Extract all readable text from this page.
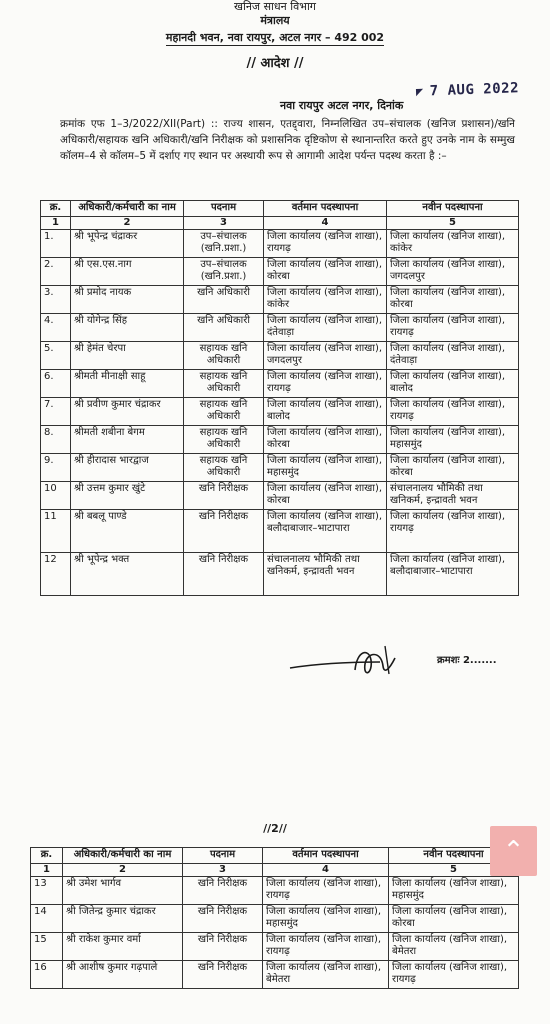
खनिज साधन विभाग
मंत्रालय
महानदी भवन, नवा रायपुर, अटल नगर – 492 002
// आदेश //
◤ 7 AUG 2022
नवा रायपुर अटल नगर, दिनांक
क्रमांक एफ 1–3/2022/XII(Part) :: राज्य शासन, एतद्द्वारा, निम्नलिखित उप–संचालक (खनिज प्रशासन)/खनि अधिकारी/सहायक खनि अधिकारी/खनि निरीक्षक को प्रशासनिक दृष्टिकोण से स्थानान्तरित करते हुए उनके नाम के सम्मुख कॉलम–4 से कॉलम–5 में दर्शाए गए स्थान पर अस्थायी रूप से आगामी आदेश पर्यन्त पदस्थ करता है :–
क्र.	अधिकारी/कर्मचारी का नाम	पदनाम	वर्तमान पदस्थापना	नवीन पदस्थापना
1	2	3	4	5
1.	श्री भूपेन्द्र चंद्राकर	उप–संचालक (खनि.प्रशा.)	जिला कार्यालय (खनिज शाखा), रायगढ़	जिला कार्यालय (खनिज शाखा), कांकेर
2.	श्री एस.एस.नाग	उप–संचालक (खनि.प्रशा.)	जिला कार्यालय (खनिज शाखा), कोरबा	जिला कार्यालय (खनिज शाखा), जगदलपुर
3.	श्री प्रमोद नायक	खनि अधिकारी	जिला कार्यालय (खनिज शाखा), कांकेर	जिला कार्यालय (खनिज शाखा), कोरबा
4.	श्री योगेन्द्र सिंह	खनि अधिकारी	जिला कार्यालय (खनिज शाखा), दंतेवाड़ा	जिला कार्यालय (खनिज शाखा), रायगढ़
5.	श्री हेमंत चेरपा	सहायक खनि अधिकारी	जिला कार्यालय (खनिज शाखा), जगदलपुर	जिला कार्यालय (खनिज शाखा), दंतेवाड़ा
6.	श्रीमती मीनाक्षी साहू	सहायक खनि अधिकारी	जिला कार्यालय (खनिज शाखा), रायगढ़	जिला कार्यालय (खनिज शाखा), बालोद
7.	श्री प्रवीण कुमार चंद्राकर	सहायक खनि अधिकारी	जिला कार्यालय (खनिज शाखा), बालोद	जिला कार्यालय (खनिज शाखा), रायगढ़
8.	श्रीमती शबीना बेगम	सहायक खनि अधिकारी	जिला कार्यालय (खनिज शाखा), कोरबा	जिला कार्यालय (खनिज शाखा), महासमुंद
9.	श्री हीरादास भारद्वाज	सहायक खनि अधिकारी	जिला कार्यालय (खनिज शाखा), महासमुंद	जिला कार्यालय (खनिज शाखा), कोरबा
10	श्री उत्तम कुमार खुंटे	खनि निरीक्षक	जिला कार्यालय (खनिज शाखा), कोरबा	संचालनालय भौमिकी तथा खनिकर्म, इन्द्रावती भवन
11	श्री बबलू पाण्डे	खनि निरीक्षक	जिला कार्यालय (खनिज शाखा), बलौदाबाजार–भाटापारा	जिला कार्यालय (खनिज शाखा), रायगढ़
12	श्री भूपेन्द्र भक्त	खनि निरीक्षक	संचालनालय भौमिकी तथा खनिकर्म, इन्द्रावती भवन	जिला कार्यालय (खनिज शाखा), बलौदाबाजार–भाटापारा
क्रमशः 2.......
//2//
क्र.	अधिकारी/कर्मचारी का नाम	पदनाम	वर्तमान पदस्थापना	नवीन पदस्थापना
1	2	3	4	5
13	श्री उमेश भार्गव	खनि निरीक्षक	जिला कार्यालय (खनिज शाखा), रायगढ़	जिला कार्यालय (खनिज शाखा), महासमुंद
14	श्री जितेन्द्र कुमार चंद्राकर	खनि निरीक्षक	जिला कार्यालय (खनिज शाखा), महासमुंद	जिला कार्यालय (खनिज शाखा), कोरबा
15	श्री राकेश कुमार वर्मा	खनि निरीक्षक	जिला कार्यालय (खनिज शाखा), रायगढ़	जिला कार्यालय (खनिज शाखा), बेमेतरा
16	श्री आशीष कुमार गढ़पाले	खनि निरीक्षक	जिला कार्यालय (खनिज शाखा), बेमेतरा	जिला कार्यालय (खनिज शाखा), रायगढ़
⌃
